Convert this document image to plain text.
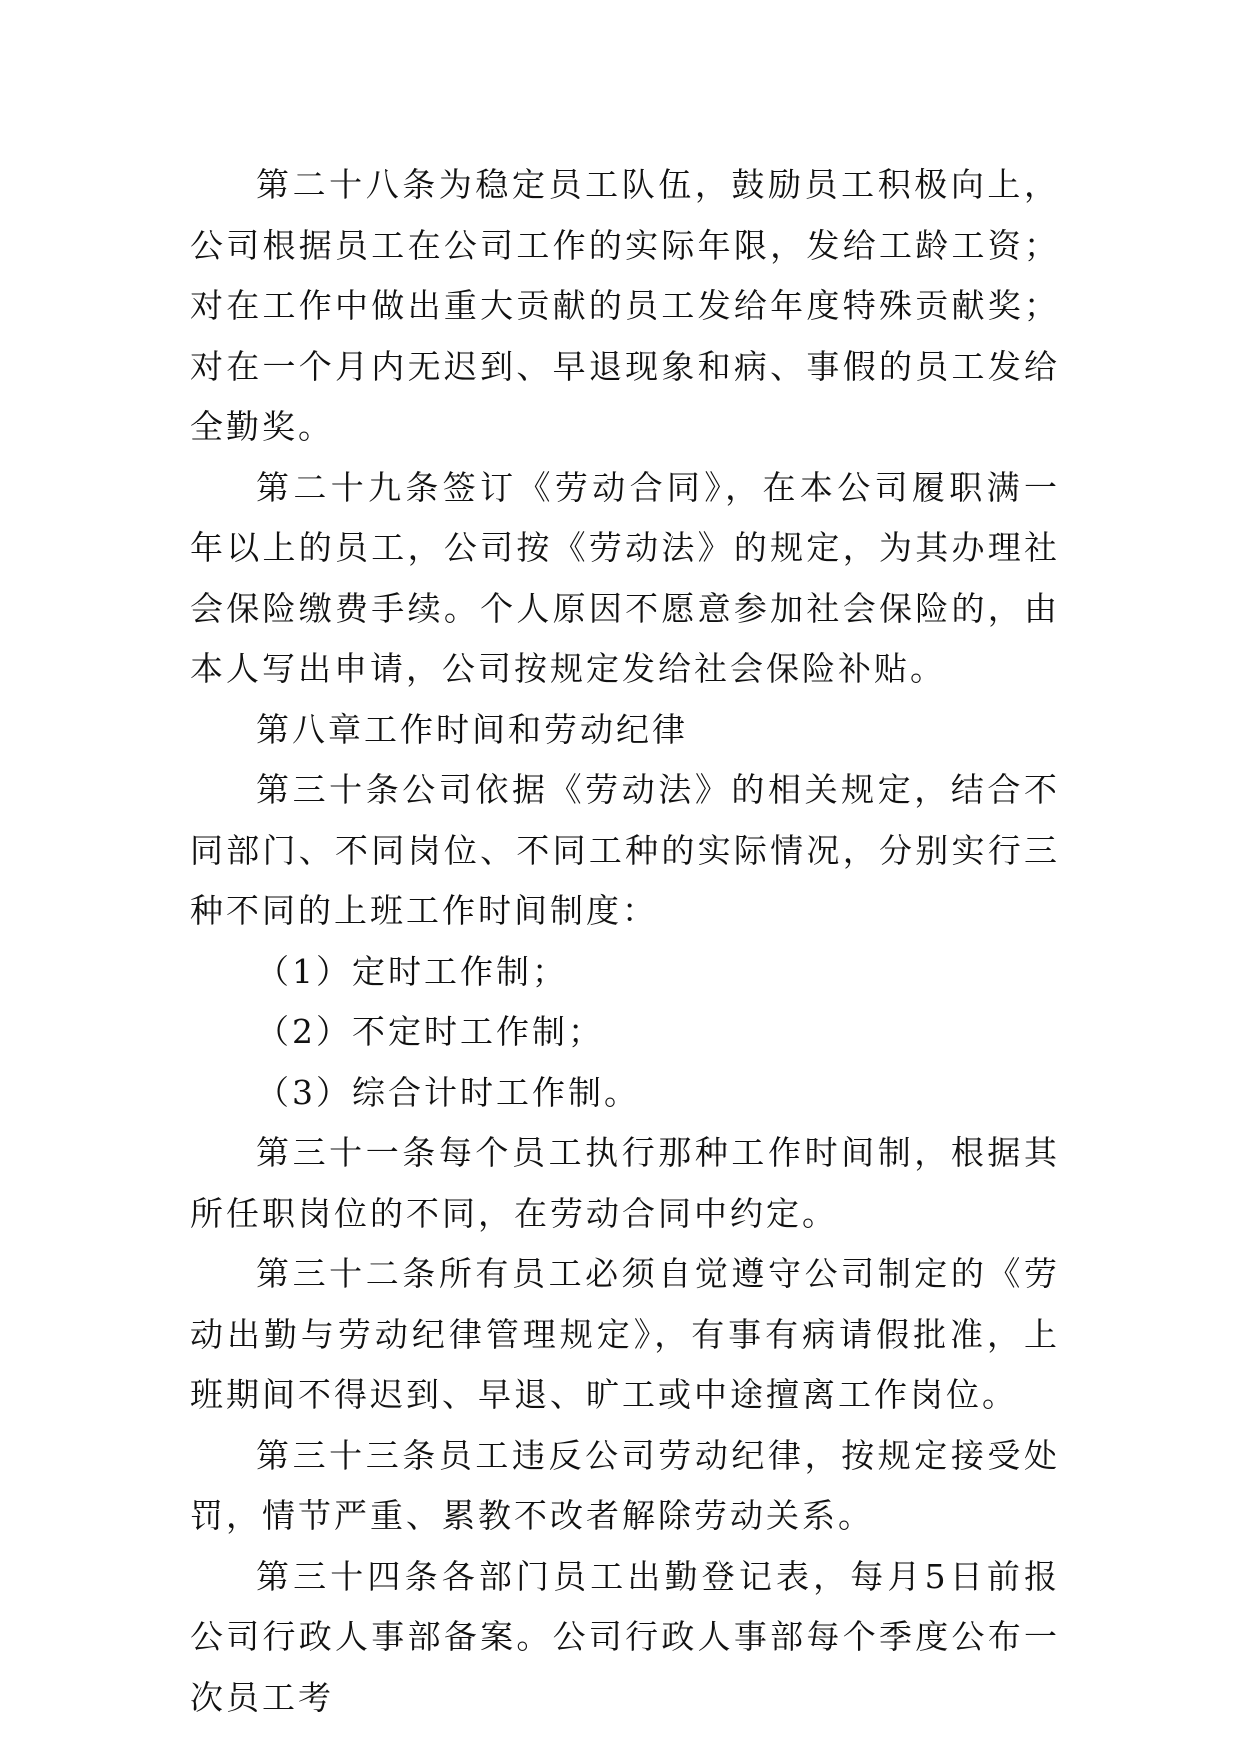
第二十八条为稳定员工队伍，鼓励员工积极向上，公司根据员工在公司工作的实际年限，发给工龄工资；对在工作中做出重大贡献的员工发给年度特殊贡献奖；对在一个月内无迟到、早退现象和病、事假的员工发给全勤奖。

第二十九条签订《劳动合同》，在本公司履职满一年以上的员工，公司按《劳动法》的规定，为其办理社会保险缴费手续。个人原因不愿意参加社会保险的，由本人写出申请，公司按规定发给社会保险补贴。

第八章工作时间和劳动纪律

第三十条公司依据《劳动法》的相关规定，结合不同部门、不同岗位、不同工种的实际情况，分别实行三种不同的上班工作时间制度：

（1）定时工作制；

（2）不定时工作制；

（3）综合计时工作制。

第三十一条每个员工执行那种工作时间制，根据其所任职岗位的不同，在劳动合同中约定。

第三十二条所有员工必须自觉遵守公司制定的《劳动出勤与劳动纪律管理规定》，有事有病请假批准，上班期间不得迟到、早退、旷工或中途擅离工作岗位。

第三十三条员工违反公司劳动纪律，按规定接受处罚，情节严重、累教不改者解除劳动关系。

第三十四条各部门员工出勤登记表，每月5日前报公司行政人事部备案。公司行政人事部每个季度公布一次员工考
